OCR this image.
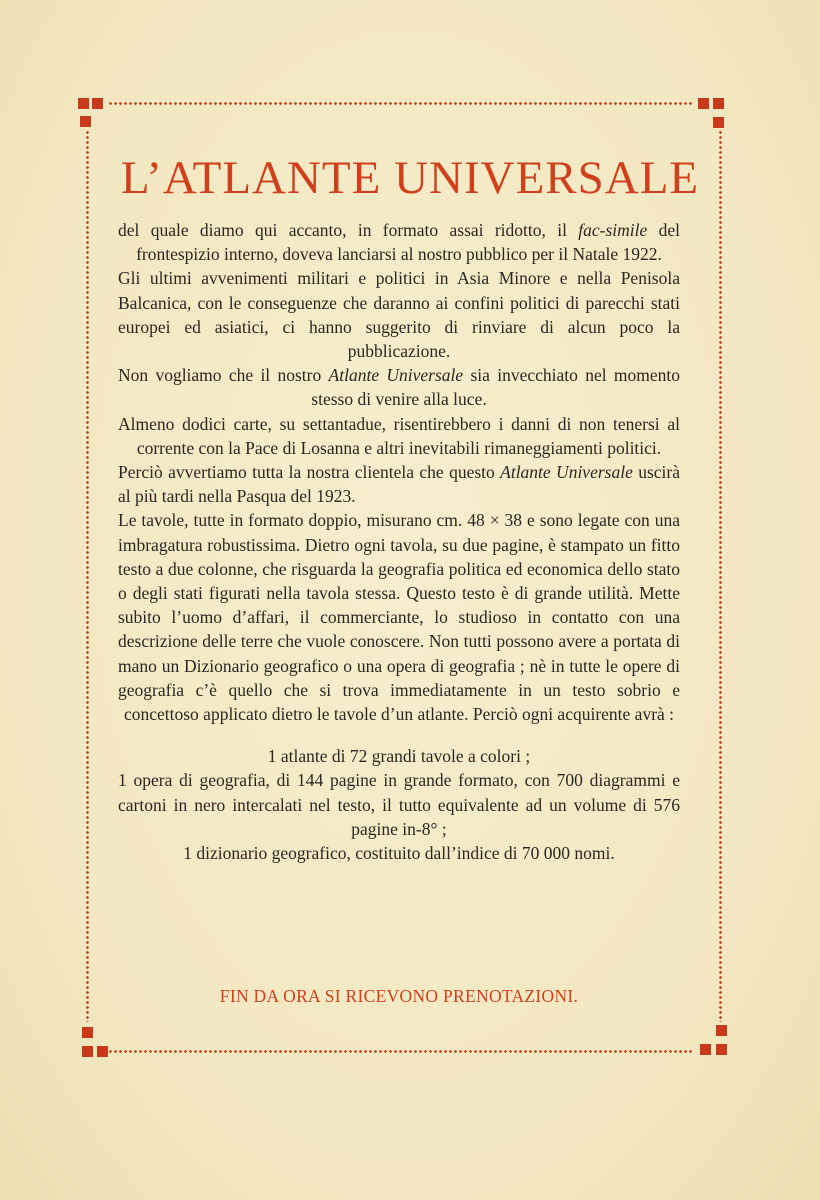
L’ATLANTE UNIVERSALE

del quale diamo qui accanto, in formato assai ridotto, il fac-simile del frontespizio interno, doveva lanciarsi al nostro pubblico per il Natale 1922.

Gli ultimi avvenimenti militari e politici in Asia Minore e nella Penisola Balcanica, con le conseguenze che daranno ai confini politici di parecchi stati europei ed asiatici, ci hanno suggerito di rinviare di alcun poco la pubblicazione.

Non vogliamo che il nostro Atlante Universale sia invecchiato nel momento stesso di venire alla luce.

Almeno dodici carte, su settantadue, risentirebbero i danni di non tenersi al corrente con la Pace di Losanna e altri inevitabili rimaneggiamenti politici.

Perciò avvertiamo tutta la nostra clientela che questo Atlante Universale uscirà al più tardi nella Pasqua del 1923.

Le tavole, tutte in formato doppio, misurano cm. 48 × 38 e sono legate con una imbragatura robustissima. Dietro ogni tavola, su due pagine, è stampato un fitto testo a due colonne, che risguarda la geografia politica ed economica dello stato o degli stati figurati nella tavola stessa. Questo testo è di grande utilità. Mette subito l’uomo d’affari, il commerciante, lo studioso in contatto con una descrizione delle terre che vuole conoscere. Non tutti possono avere a portata di mano un Dizionario geografico o una opera di geografia ; nè in tutte le opere di geografia c’è quello che si trova immediatamente in un testo sobrio e concettoso applicato dietro le tavole d’un atlante. Perciò ogni acquirente avrà :

1 atlante di 72 grandi tavole a colori ;

1 opera di geografia, di 144 pagine in grande formato, con 700 diagrammi e cartoni in nero intercalati nel testo, il tutto equivalente ad un volume di 576 pagine in-8° ;

1 dizionario geografico, costituito dall’indice di 70 000 nomi.

FIN DA ORA SI RICEVONO PRENOTAZIONI.
